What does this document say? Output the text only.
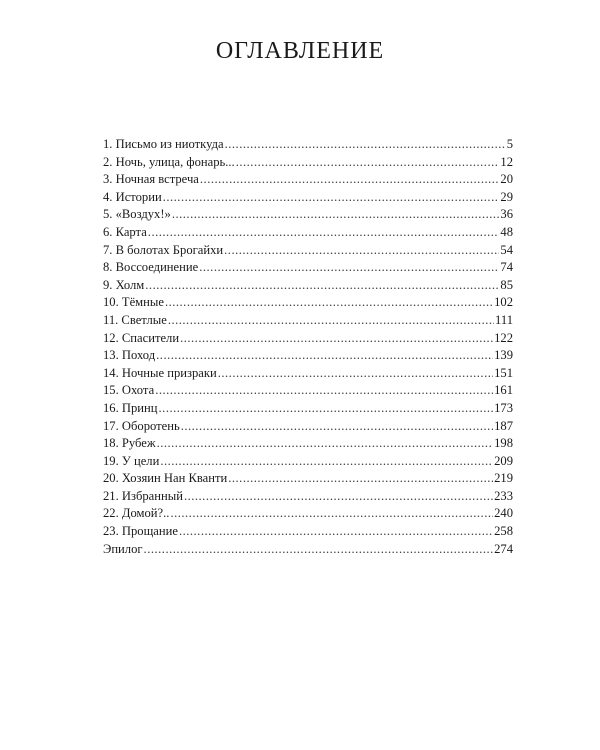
ОГЛАВЛЕНИЕ
1. Письмо из ниоткуда .....	5
2. Ночь, улица, фонарь... .....	12
3. Ночная встреча .....	20
4. Истории .....	29
5. «Воздух!» .....	36
6. Карта .....	48
7. В болотах Брогайхи .....	54
8. Воссоединение .....	74
9. Холм .....	85
10. Тёмные .....	102
11. Светлые .....	111
12. Спасители .....	122
13. Поход .....	139
14. Ночные призраки .....	151
15. Охота .....	161
16. Принц .....	173
17. Оборотень .....	187
18. Рубеж .....	198
19. У цели .....	209
20. Хозяин Нан Кванти .....	219
21. Избранный .....	233
22. Домой?.. .....	240
23. Прощание .....	258
Эпилог .....	274
